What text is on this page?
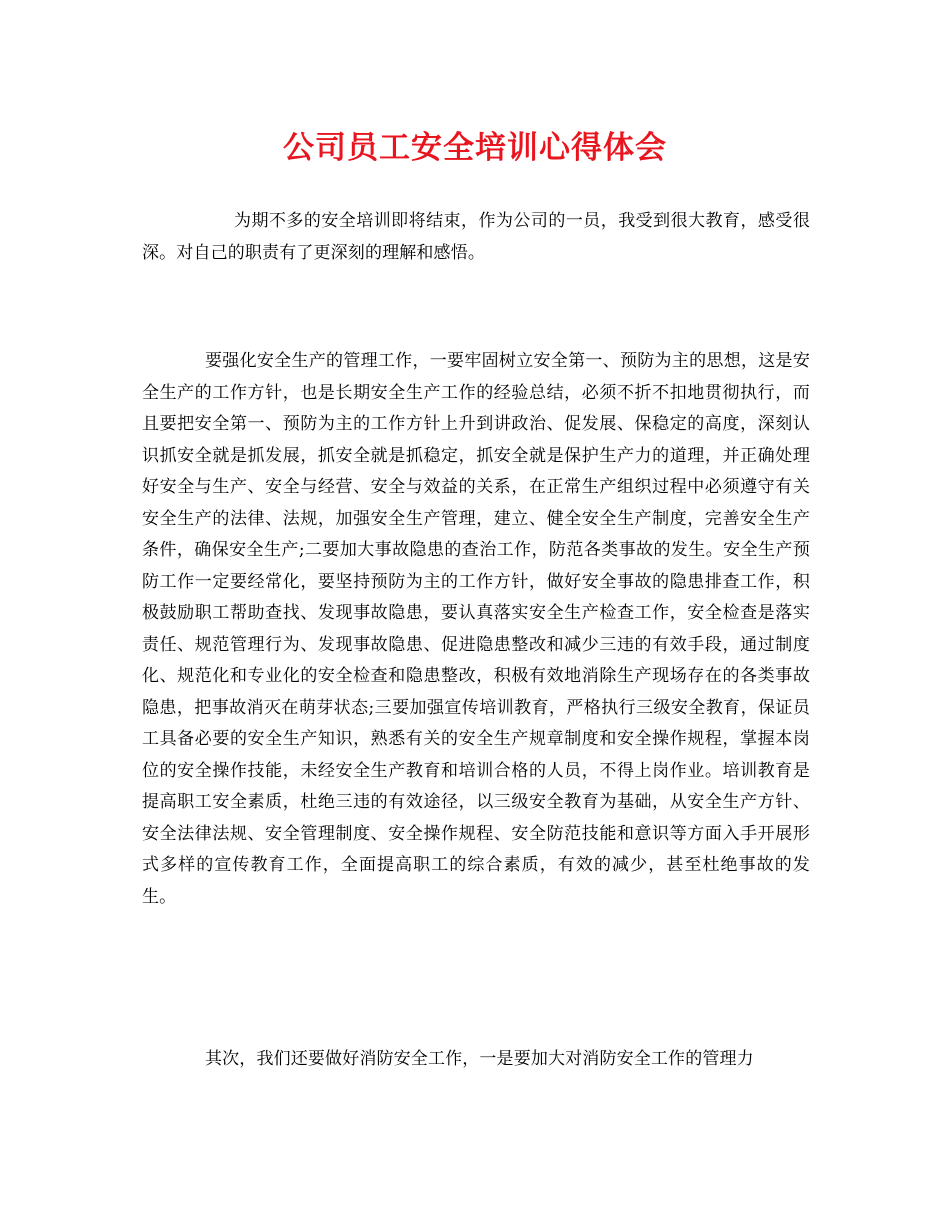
公司员工安全培训心得体会

为期不多的安全培训即将结束，作为公司的一员，我受到很大教育，感受很深。对自己的职责有了更深刻的理解和感悟。

要强化安全生产的管理工作，一要牢固树立安全第一、预防为主的思想，这是安全生产的工作方针，也是长期安全生产工作的经验总结，必须不折不扣地贯彻执行，而且要把安全第一、预防为主的工作方针上升到讲政治、促发展、保稳定的高度，深刻认识抓安全就是抓发展，抓安全就是抓稳定，抓安全就是保护生产力的道理，并正确处理好安全与生产、安全与经营、安全与效益的关系，在正常生产组织过程中必须遵守有关安全生产的法律、法规，加强安全生产管理，建立、健全安全生产制度，完善安全生产条件，确保安全生产;二要加大事故隐患的查治工作，防范各类事故的发生。安全生产预防工作一定要经常化，要坚持预防为主的工作方针，做好安全事故的隐患排查工作，积极鼓励职工帮助查找、发现事故隐患，要认真落实安全生产检查工作，安全检查是落实责任、规范管理行为、发现事故隐患、促进隐患整改和减少三违的有效手段，通过制度化、规范化和专业化的安全检查和隐患整改，积极有效地消除生产现场存在的各类事故隐患，把事故消灭在萌芽状态;三要加强宣传培训教育，严格执行三级安全教育，保证员工具备必要的安全生产知识，熟悉有关的安全生产规章制度和安全操作规程，掌握本岗位的安全操作技能，未经安全生产教育和培训合格的人员，不得上岗作业。培训教育是提高职工安全素质，杜绝三违的有效途径，以三级安全教育为基础，从安全生产方针、安全法律法规、安全管理制度、安全操作规程、安全防范技能和意识等方面入手开展形式多样的宣传教育工作，全面提高职工的综合素质，有效的减少，甚至杜绝事故的发生。

其次，我们还要做好消防安全工作，一是要加大对消防安全工作的管理力
